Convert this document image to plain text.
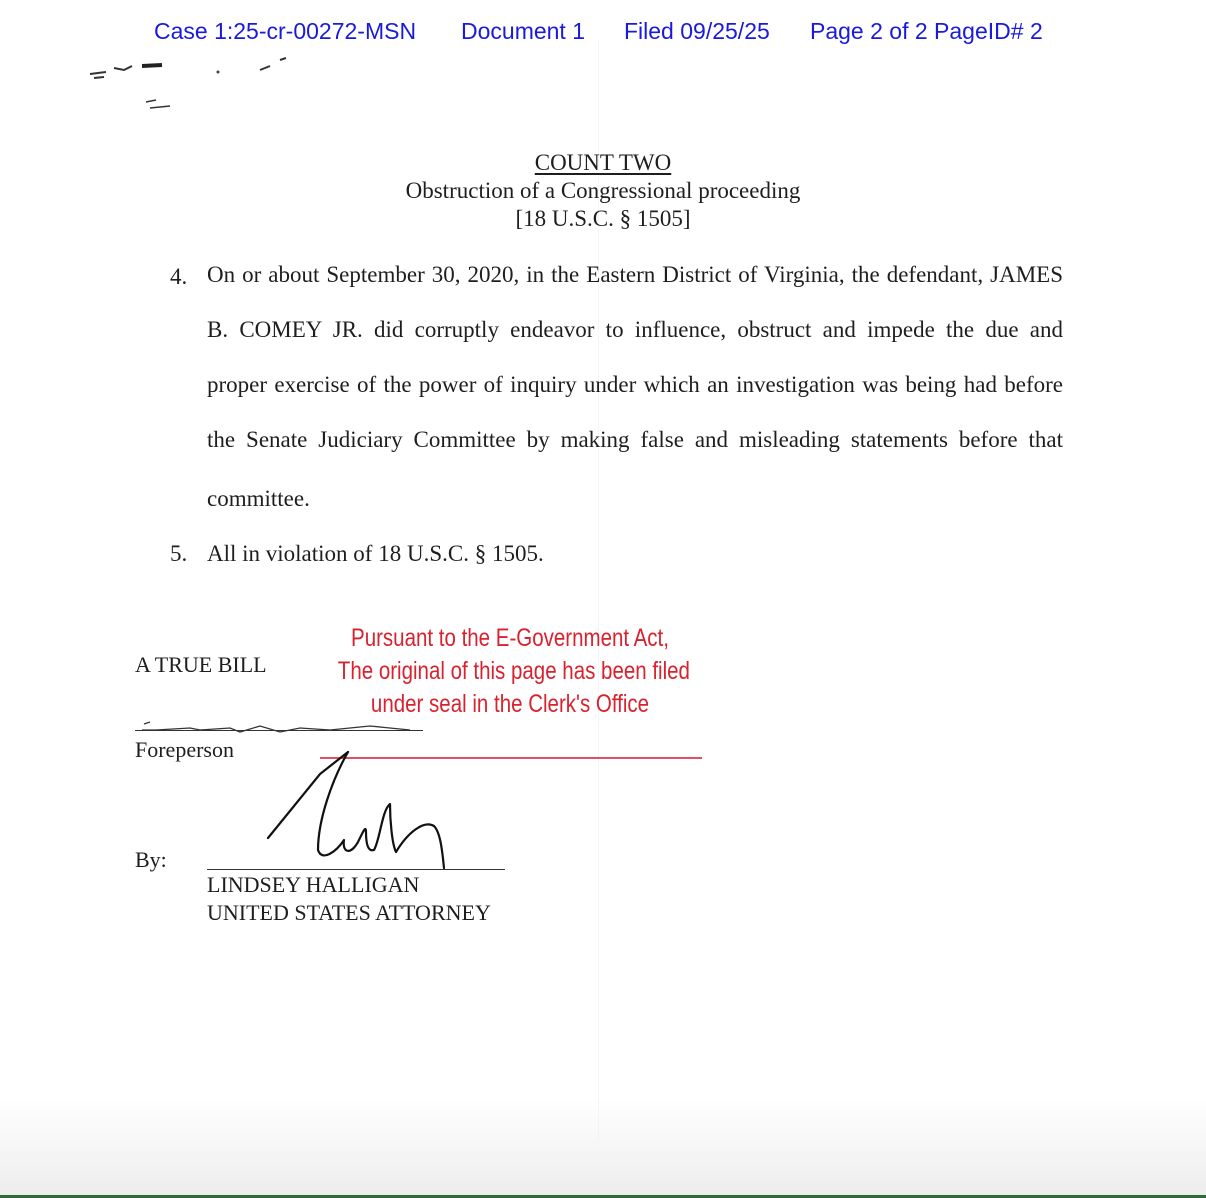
Case 1:25-cr-00272-MSN Document 1 Filed 09/25/25 Page 2 of 2 PageID# 2
COUNT TWO
Obstruction of a Congressional proceeding
[18 U.S.C. § 1505]
4. On or about September 30, 2020, in the Eastern District of Virginia, the defendant, JAMES
B. COMEY JR. did corruptly endeavor to influence, obstruct and impede the due and
proper exercise of the power of inquiry under which an investigation was being had before
the Senate Judiciary Committee by making false and misleading statements before that
committee.
5. All in violation of 18 U.S.C. § 1505.
A TRUE BILL
Foreperson
Pursuant to the E-Government Act,
The original of this page has been filed
under seal in the Clerk's Office
By:
LINDSEY HALLIGAN
UNITED STATES ATTORNEY
